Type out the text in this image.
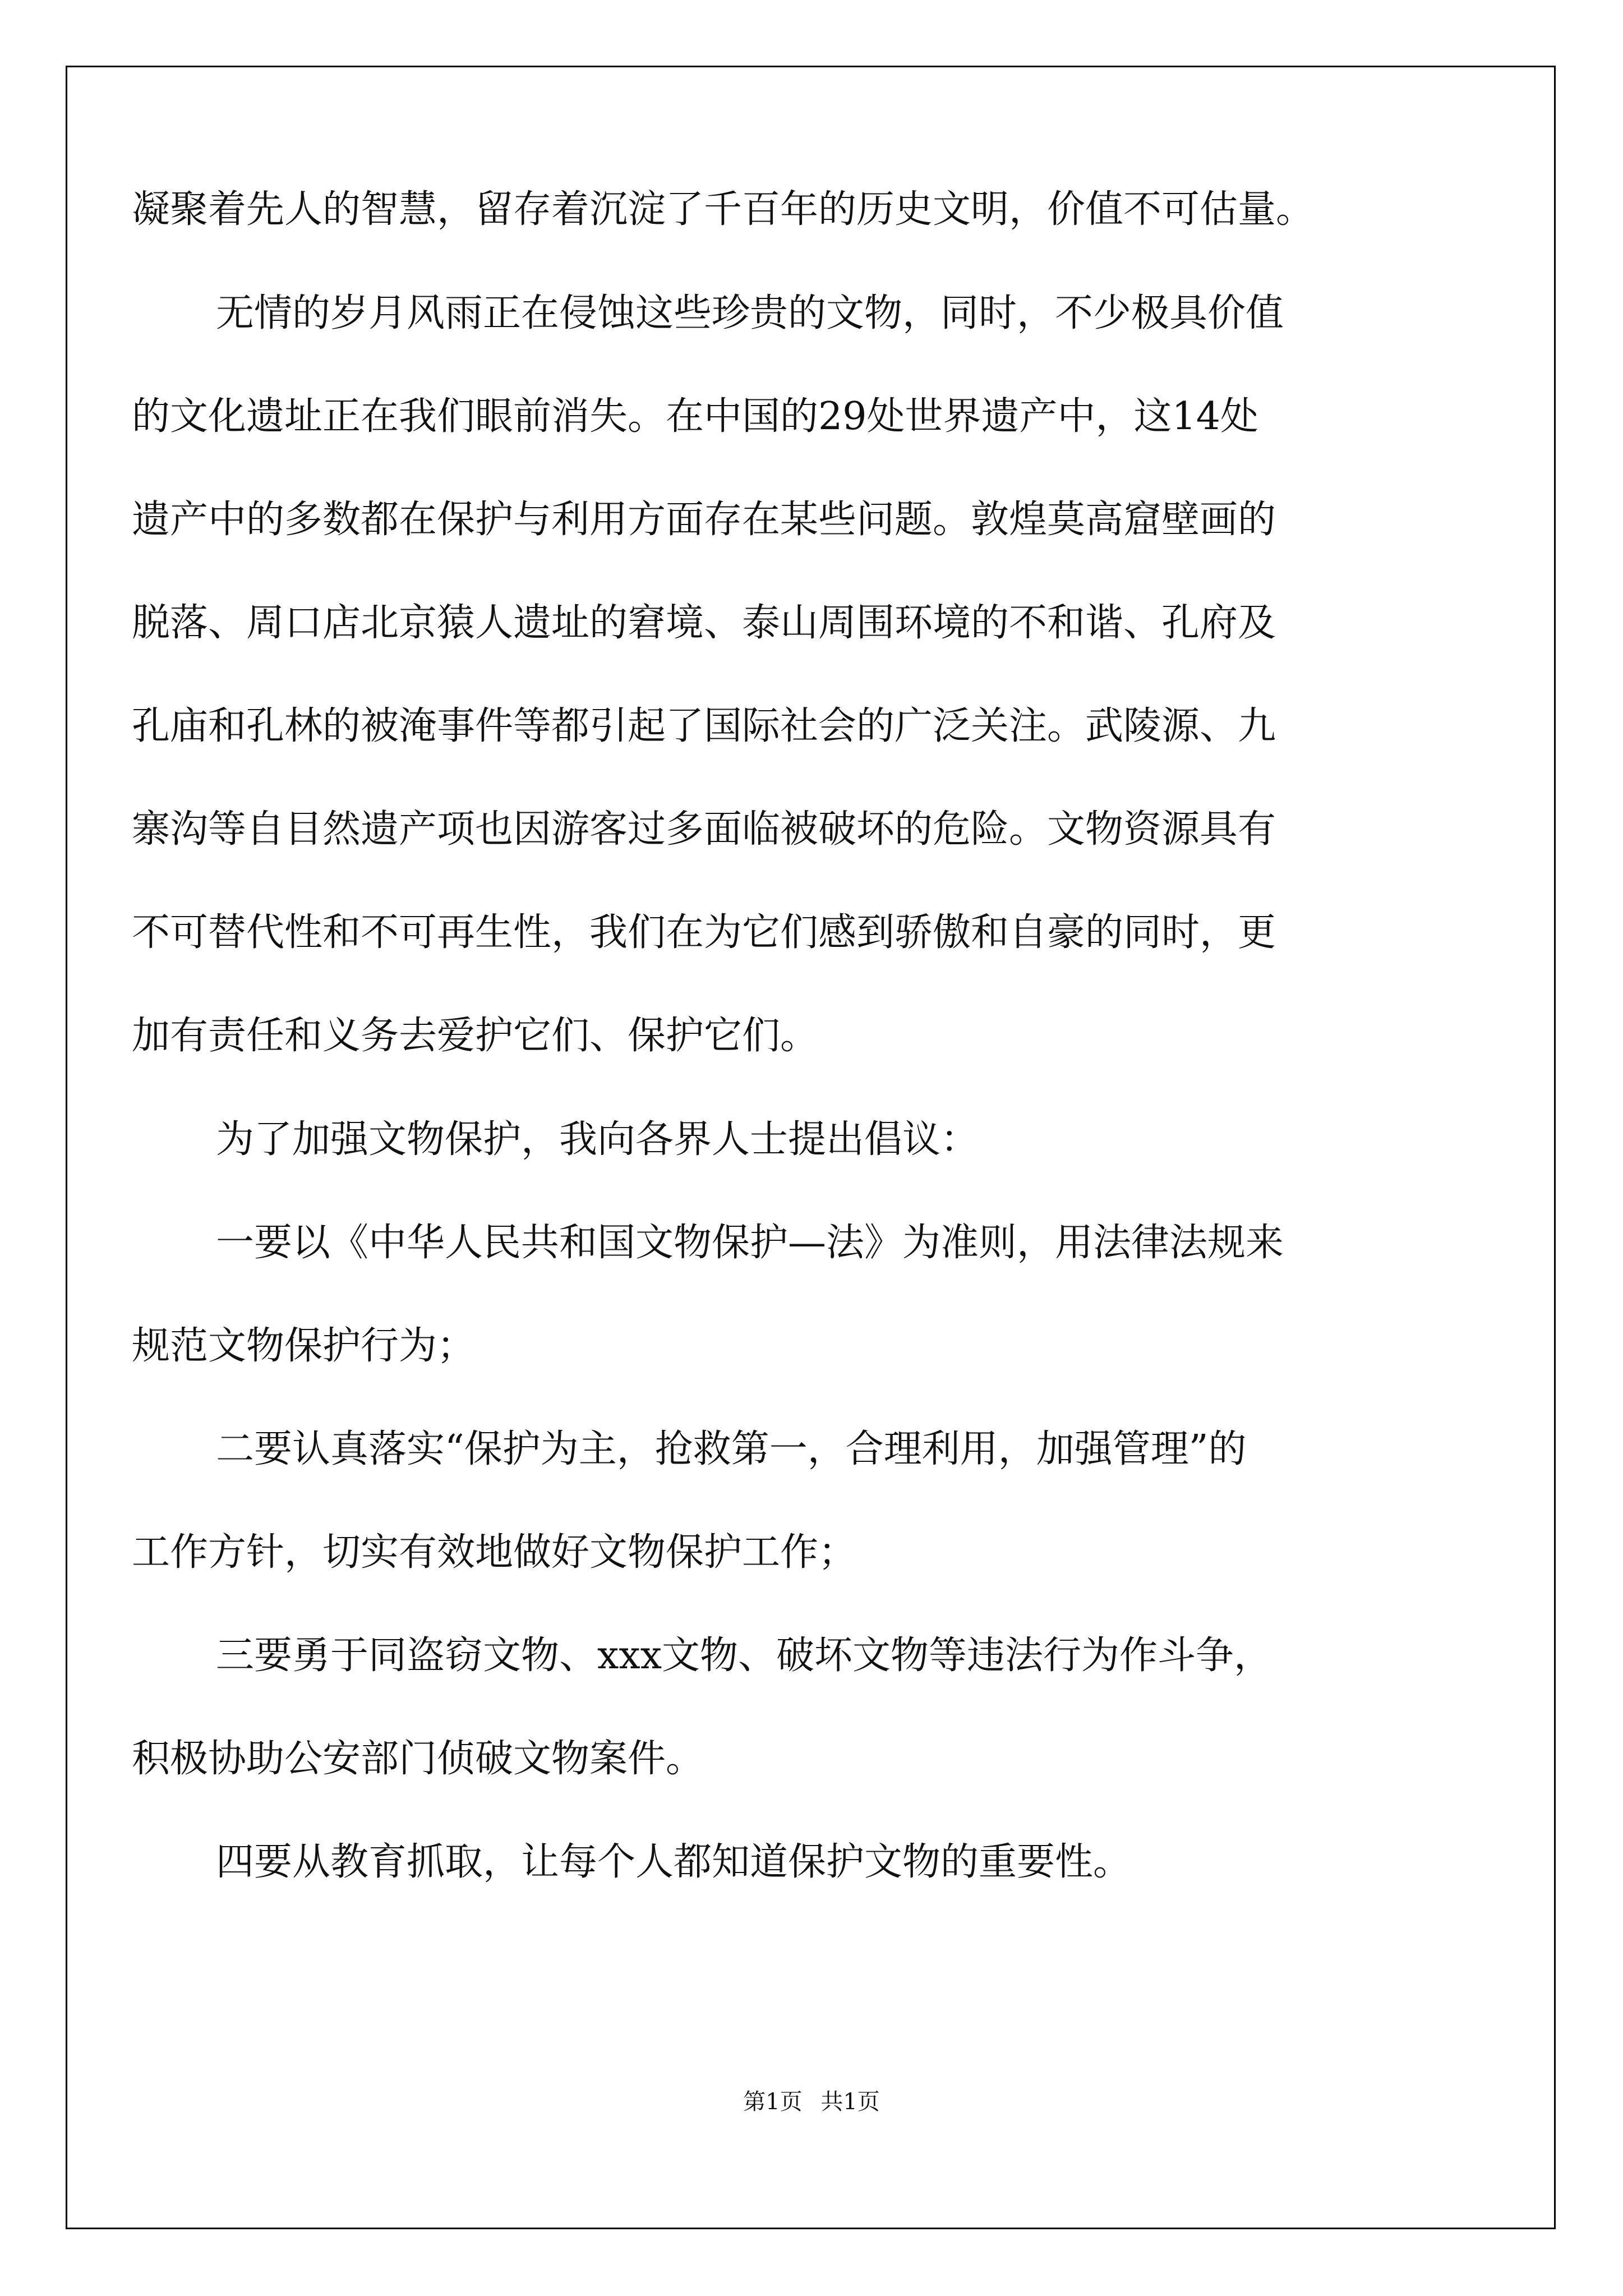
凝聚着先人的智慧，留存着沉淀了千百年的历史文明，价值不可估量。
无情的岁月风雨正在侵蚀这些珍贵的文物，同时，不少极具价值
的文化遗址正在我们眼前消失。在中国的29处世界遗产中，这14处
遗产中的多数都在保护与利用方面存在某些问题。敦煌莫高窟壁画的
脱落、周口店北京猿人遗址的窘境、泰山周围环境的不和谐、孔府及
孔庙和孔林的被淹事件等都引起了国际社会的广泛关注。武陵源、九
寨沟等自目然遗产项也因游客过多面临被破坏的危险。文物资源具有
不可替代性和不可再生性，我们在为它们感到骄傲和自豪的同时，更
加有责任和义务去爱护它们、保护它们。
为了加强文物保护，我向各界人士提出倡议：
一要以《中华人民共和国文物保护—法》为准则，用法律法规来
规范文物保护行为；
二要认真落实“保护为主，抢救第一，合理利用，加强管理”的
工作方针，切实有效地做好文物保护工作；
三要勇于同盗窃文物、xxx文物、破坏文物等违法行为作斗争，
积极协助公安部门侦破文物案件。
四要从教育抓取，让每个人都知道保护文物的重要性。
第1页 共1页
